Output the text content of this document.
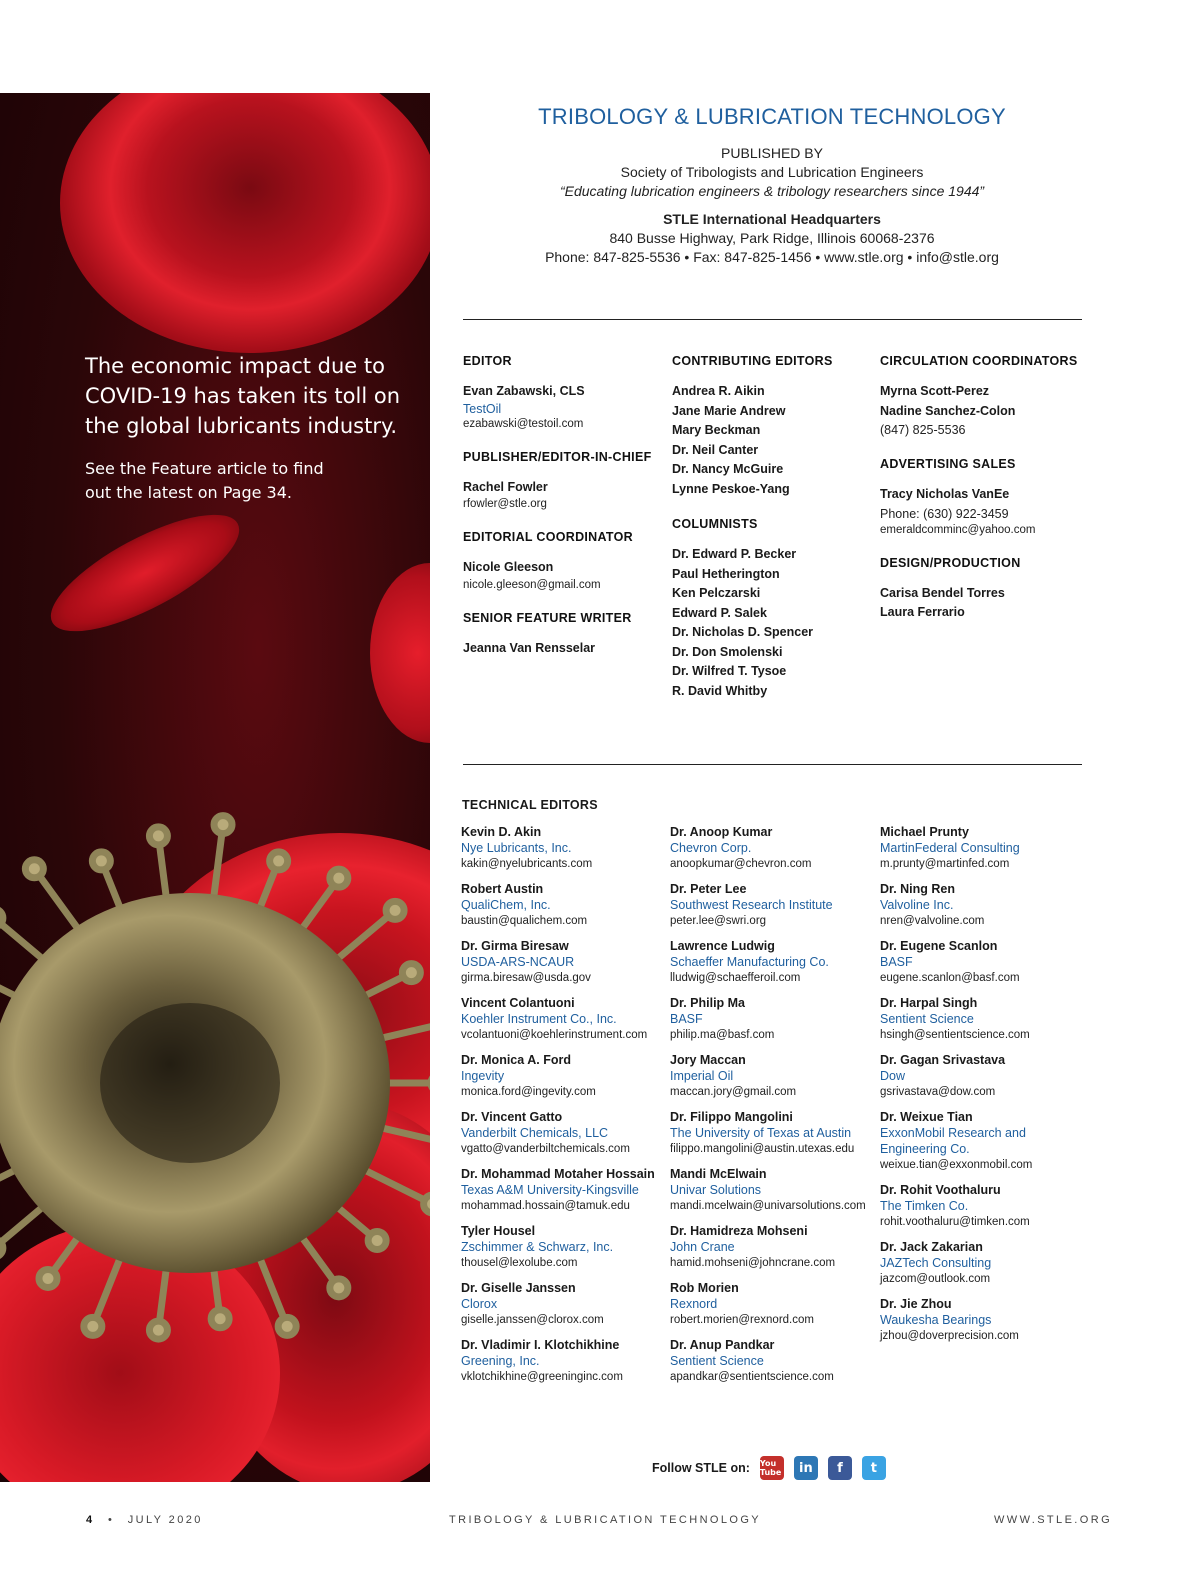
The economic impact due to COVID-19 has taken its toll on the global lubricants industry.

See the Feature article to find out the latest on Page 34.

TRIBOLOGY & LUBRICATION TECHNOLOGY
PUBLISHED BY
Society of Tribologists and Lubrication Engineers
“Educating lubrication engineers & tribology researchers since 1944”
STLE International Headquarters
840 Busse Highway, Park Ridge, Illinois 60068-2376
Phone: 847-825-5536 • Fax: 847-825-1456 • www.stle.org • info@stle.org
EDITOR
Evan Zabawski, CLS
TestOil
ezabawski@testoil.com
PUBLISHER/EDITOR-IN-CHIEF
Rachel Fowler
rfowler@stle.org
EDITORIAL COORDINATOR
Nicole Gleeson
nicole.gleeson@gmail.com
SENIOR FEATURE WRITER
Jeanna Van Rensselar
CONTRIBUTING EDITORS
Andrea R. Aikin
Jane Marie Andrew
Mary Beckman
Dr. Neil Canter
Dr. Nancy McGuire
Lynne Peskoe-Yang
COLUMNISTS
Dr. Edward P. Becker
Paul Hetherington
Ken Pelczarski
Edward P. Salek
Dr. Nicholas D. Spencer
Dr. Don Smolenski
Dr. Wilfred T. Tysoe
R. David Whitby
CIRCULATION COORDINATORS
Myrna Scott-Perez
Nadine Sanchez-Colon
(847) 825-5536
ADVERTISING SALES
Tracy Nicholas VanEe
Phone: (630) 922-3459
emeraldcomminc@yahoo.com
DESIGN/PRODUCTION
Carisa Bendel Torres
Laura Ferrario
TECHNICAL EDITORS
Kevin D. Akin
Nye Lubricants, Inc.
kakin@nyelubricants.com
Robert Austin
QualiChem, Inc.
baustin@qualichem.com
Dr. Girma Biresaw
USDA-ARS-NCAUR
girma.biresaw@usda.gov
Vincent Colantuoni
Koehler Instrument Co., Inc.
vcolantuoni@koehlerinstrument.com
Dr. Monica A. Ford
Ingevity
monica.ford@ingevity.com
Dr. Vincent Gatto
Vanderbilt Chemicals, LLC
vgatto@vanderbiltchemicals.com
Dr. Mohammad Motaher Hossain
Texas A&M University-Kingsville
mohammad.hossain@tamuk.edu
Tyler Housel
Zschimmer & Schwarz, Inc.
thousel@lexolube.com
Dr. Giselle Janssen
Clorox
giselle.janssen@clorox.com
Dr. Vladimir I. Klotchikhine
Greening, Inc.
vklotchikhine@greeninginc.com
Dr. Anoop Kumar
Chevron Corp.
anoopkumar@chevron.com
Dr. Peter Lee
Southwest Research Institute
peter.lee@swri.org
Lawrence Ludwig
Schaeffer Manufacturing Co.
lludwig@schaefferoil.com
Dr. Philip Ma
BASF
philip.ma@basf.com
Jory Maccan
Imperial Oil
maccan.jory@gmail.com
Dr. Filippo Mangolini
The University of Texas at Austin
filippo.mangolini@austin.utexas.edu
Mandi McElwain
Univar Solutions
mandi.mcelwain@univarsolutions.com
Dr. Hamidreza Mohseni
John Crane
hamid.mohseni@johncrane.com
Rob Morien
Rexnord
robert.morien@rexnord.com
Dr. Anup Pandkar
Sentient Science
apandkar@sentientscience.com
Michael Prunty
MartinFederal Consulting
m.prunty@martinfed.com
Dr. Ning Ren
Valvoline Inc.
nren@valvoline.com
Dr. Eugene Scanlon
BASF
eugene.scanlon@basf.com
Dr. Harpal Singh
Sentient Science
hsingh@sentientscience.com
Dr. Gagan Srivastava
Dow
gsrivastava@dow.com
Dr. Weixue Tian
ExxonMobil Research and Engineering Co.
weixue.tian@exxonmobil.com
Dr. Rohit Voothaluru
The Timken Co.
rohit.voothaluru@timken.com
Dr. Jack Zakarian
JAZTech Consulting
jazcom@outlook.com
Dr. Jie Zhou
Waukesha Bearings
jzhou@doverprecision.com
Follow STLE on: You Tube	in	f	t
4 • JULY 2020	TRIBOLOGY & LUBRICATION TECHNOLOGY	WWW.STLE.ORG
